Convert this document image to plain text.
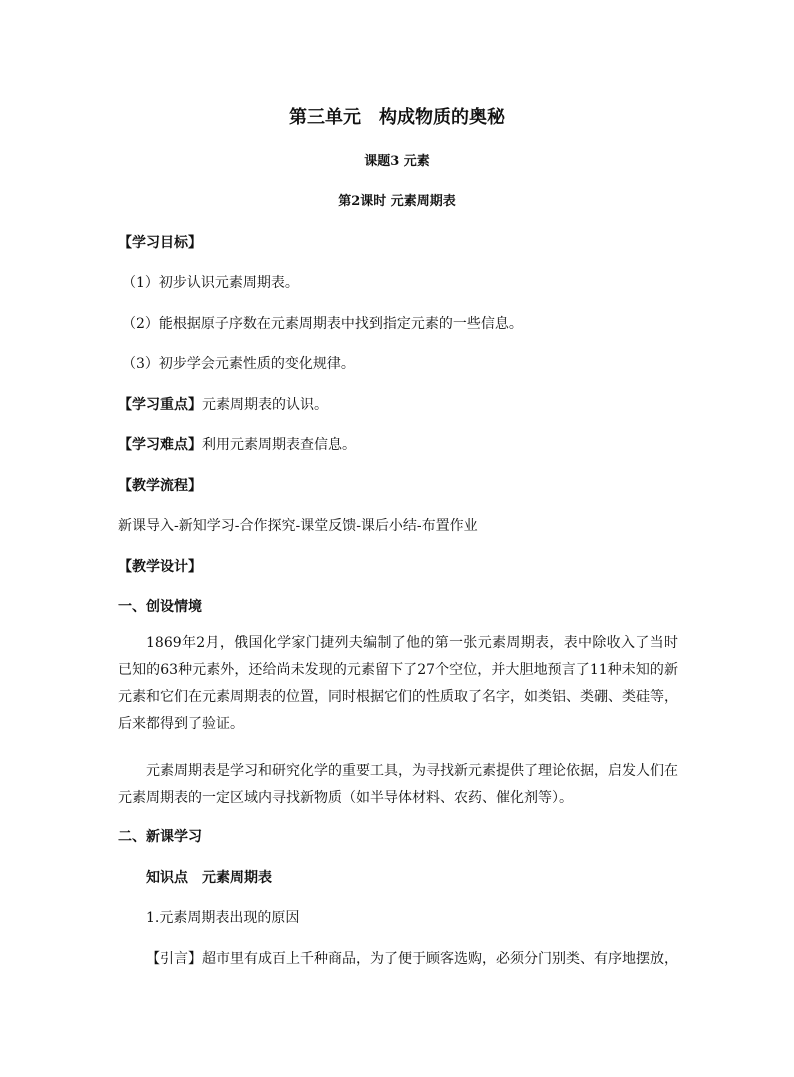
第三单元　构成物质的奥秘
课题3 元素
第2课时 元素周期表
【学习目标】
（1）初步认识元素周期表。
（2）能根据原子序数在元素周期表中找到指定元素的一些信息。
（3）初步学会元素性质的变化规律。
【学习重点】元素周期表的认识。
【学习难点】利用元素周期表查信息。
【教学流程】
新课导入-新知学习-合作探究-课堂反馈-课后小结-布置作业
【教学设计】
一、创设情境

1869年2月，俄国化学家门捷列夫编制了他的第一张元素周期表，表中除收入了当时已知的63种元素外，还给尚未发现的元素留下了27个空位，并大胆地预言了11种未知的新元素和它们在元素周期表的位置，同时根据它们的性质取了名字，如类铝、类硼、类硅等，后来都得到了验证。

元素周期表是学习和研究化学的重要工具，为寻找新元素提供了理论依据，启发人们在元素周期表的一定区域内寻找新物质（如半导体材料、农药、催化剂等）。

二、新课学习
知识点　元素周期表
1.元素周期表出现的原因
【引言】超市里有成百上千种商品，为了便于顾客选购，必须分门别类、有序地摆放，
